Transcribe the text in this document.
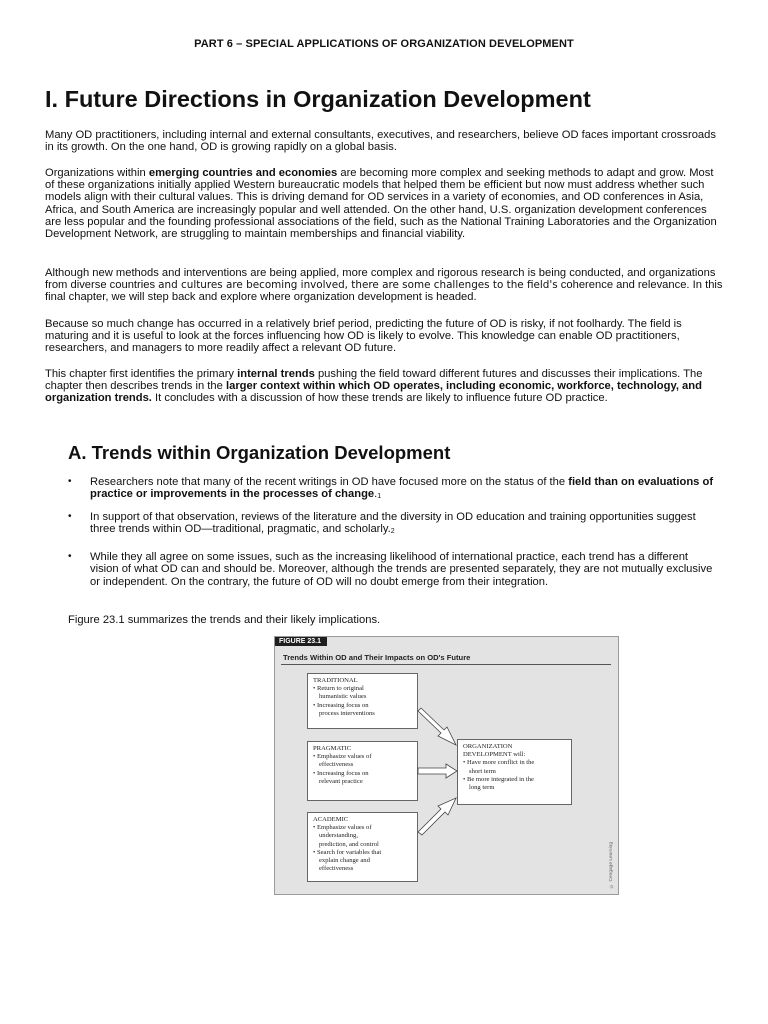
PART 6 – SPECIAL APPLICATIONS OF ORGANIZATION DEVELOPMENT
I. Future Directions in Organization Development

Many OD practitioners, including internal and external consultants, executives, and researchers, believe OD faces important crossroads in its growth. On the one hand, OD is growing rapidly on a global basis.

Organizations within emerging countries and economies are becoming more complex and seeking methods to adapt and grow. Most of these organizations initially applied Western bureaucratic models that helped them be efficient but now must address whether such models align with their cultural values. This is driving demand for OD services in a variety of economies, and OD conferences in Asia, Africa, and South America are increasingly popular and well attended. On the other hand, U.S. organization development conferences are less popular and the founding professional associations of the field, such as the National Training Laboratories and the Organization Development Network, are struggling to maintain memberships and financial viability.

Although new methods and interventions are being applied, more complex and rigorous research is being conducted, and organizations from diverse countries and cultures are becoming involved, there are some challenges to the field's coherence and relevance. In this final chapter, we will step back and explore where organization development is headed.

Because so much change has occurred in a relatively brief period, predicting the future of OD is risky, if not foolhardy. The field is maturing and it is useful to look at the forces influencing how OD is likely to evolve. This knowledge can enable OD practitioners, researchers, and managers to more readily affect a relevant OD future.

This chapter first identifies the primary internal trends pushing the field toward different futures and discusses their implications. The chapter then describes trends in the larger context within which OD operates, including economic, workforce, technology, and organization trends. It concludes with a discussion of how these trends are likely to influence future OD practice.

A. Trends within Organization Development
• Researchers note that many of the recent writings in OD have focused more on the status of the field than on evaluations of practice or improvements in the processes of $change._1$
• In support of that observation, reviews of the literature and the diversity in OD education and training opportunities suggest three trends within OD—traditional, pragmatic, and $scholarly._2$
• While they all agree on some issues, such as the increasing likelihood of international practice, each trend has a different vision of what OD can and should be. Moreover, although the trends are presented separately, they are not mutually exclusive or independent. On the contrary, the future of OD will no doubt emerge from their integration.
Figure 23.1 summarizes the trends and their likely implications.
FIGURE 23.1
Trends Within OD and Their Impacts on OD's Future
TRADITIONAL
• Return to original
humanistic values
• Increasing focus on
process interventions
PRAGMATIC
• Emphasize values of
effectiveness
• Increasing focus on
relevant practice
ACADEMIC
• Emphasize values of
understanding,
prediction, and control
• Search for variables that
explain change and
effectiveness
ORGANIZATION
DEVELOPMENT will:
• Have more conflict in the
short term
• Be more integrated in the
long term
© Cengage Learning
